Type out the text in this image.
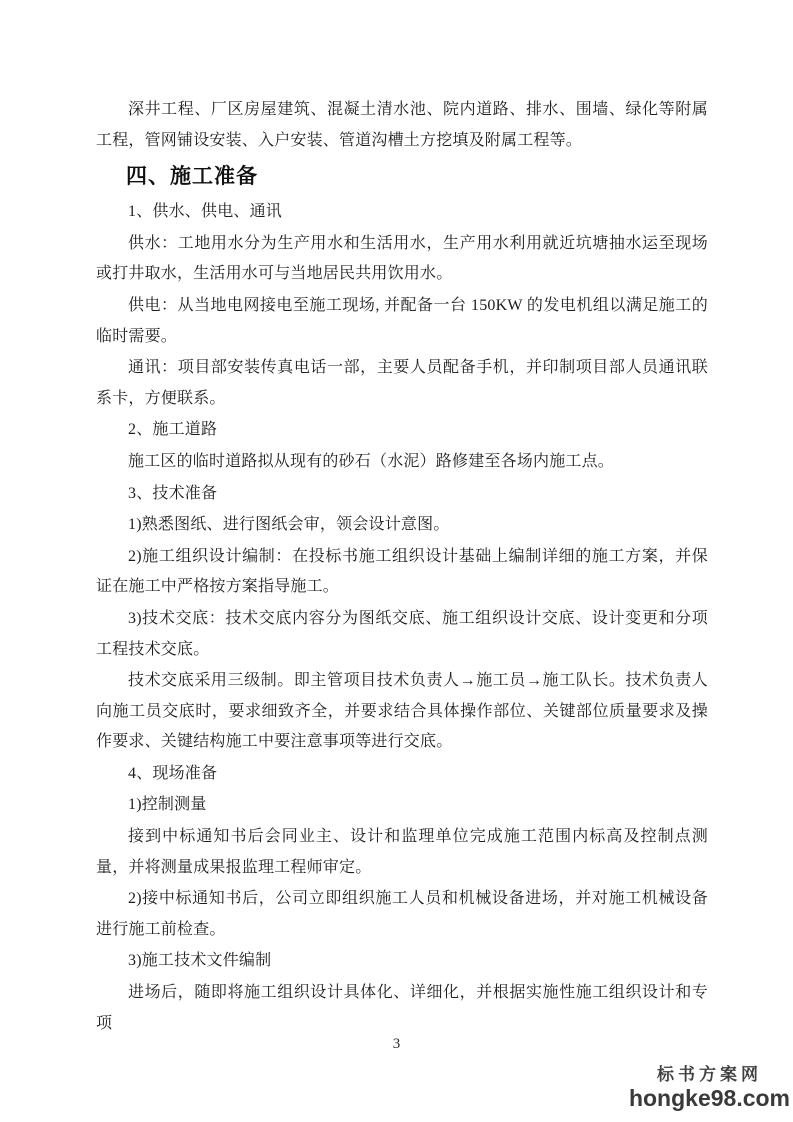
深井工程、厂区房屋建筑、混凝土清水池、院内道路、排水、围墙、绿化等附属工程，管网铺设安装、入户安装、管道沟槽土方挖填及附属工程等。

四、施工准备

1、供水、供电、通讯

供水：工地用水分为生产用水和生活用水，生产用水利用就近坑塘抽水运至现场或打井取水，生活用水可与当地居民共用饮用水。

供电：从当地电网接电至施工现场, 并配备一台 150KW 的发电机组以满足施工的临时需要。

通讯：项目部安装传真电话一部，主要人员配备手机，并印制项目部人员通讯联系卡，方便联系。

2、施工道路

施工区的临时道路拟从现有的砂石（水泥）路修建至各场内施工点。

3、技术准备

1)熟悉图纸、进行图纸会审，领会设计意图。

2)施工组织设计编制：在投标书施工组织设计基础上编制详细的施工方案，并保证在施工中严格按方案指导施工。

3)技术交底：技术交底内容分为图纸交底、施工组织设计交底、设计变更和分项工程技术交底。

技术交底采用三级制。即主管项目技术负责人→施工员→施工队长。技术负责人向施工员交底时，要求细致齐全，并要求结合具体操作部位、关键部位质量要求及操作要求、关键结构施工中要注意事项等进行交底。

4、现场准备

1)控制测量

接到中标通知书后会同业主、设计和监理单位完成施工范围内标高及控制点测量，并将测量成果报监理工程师审定。

2)接中标通知书后，公司立即组织施工人员和机械设备进场，并对施工机械设备进行施工前检查。

3)施工技术文件编制

进场后，随即将施工组织设计具体化、详细化，并根据实施性施工组织设计和专项

3
标书方案网
hongke98.com
